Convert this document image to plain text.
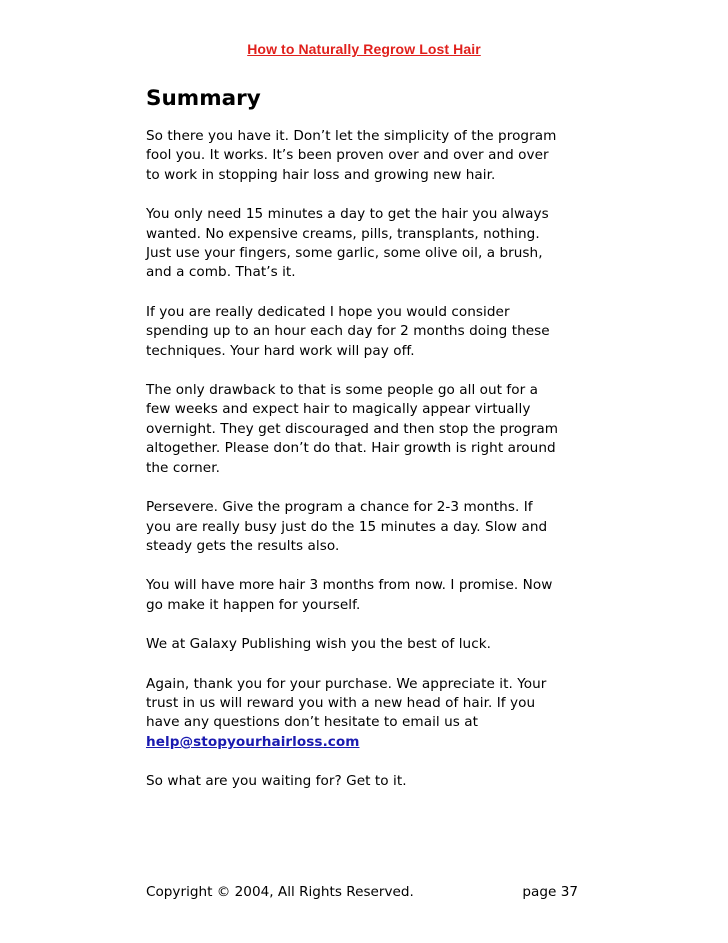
How to Naturally Regrow Lost Hair
Summary

So there you have it. Don’t let the simplicity of the program
fool you. It works. It’s been proven over and over and over
to work in stopping hair loss and growing new hair.

You only need 15 minutes a day to get the hair you always
wanted. No expensive creams, pills, transplants, nothing.
Just use your fingers, some garlic, some olive oil, a brush,
and a comb. That’s it.

If you are really dedicated I hope you would consider
spending up to an hour each day for 2 months doing these
techniques. Your hard work will pay off.

The only drawback to that is some people go all out for a
few weeks and expect hair to magically appear virtually
overnight. They get discouraged and then stop the program
altogether. Please don’t do that. Hair growth is right around
the corner.

Persevere. Give the program a chance for 2-3 months. If
you are really busy just do the 15 minutes a day. Slow and
steady gets the results also.

You will have more hair 3 months from now. I promise. Now
go make it happen for yourself.

We at Galaxy Publishing wish you the best of luck.

Again, thank you for your purchase. We appreciate it. Your
trust in us will reward you with a new head of hair. If you
have any questions don’t hesitate to email us at
help@stopyourhairloss.com

So what are you waiting for? Get to it.

Copyright © 2004, All Rights Reserved.	page 37
